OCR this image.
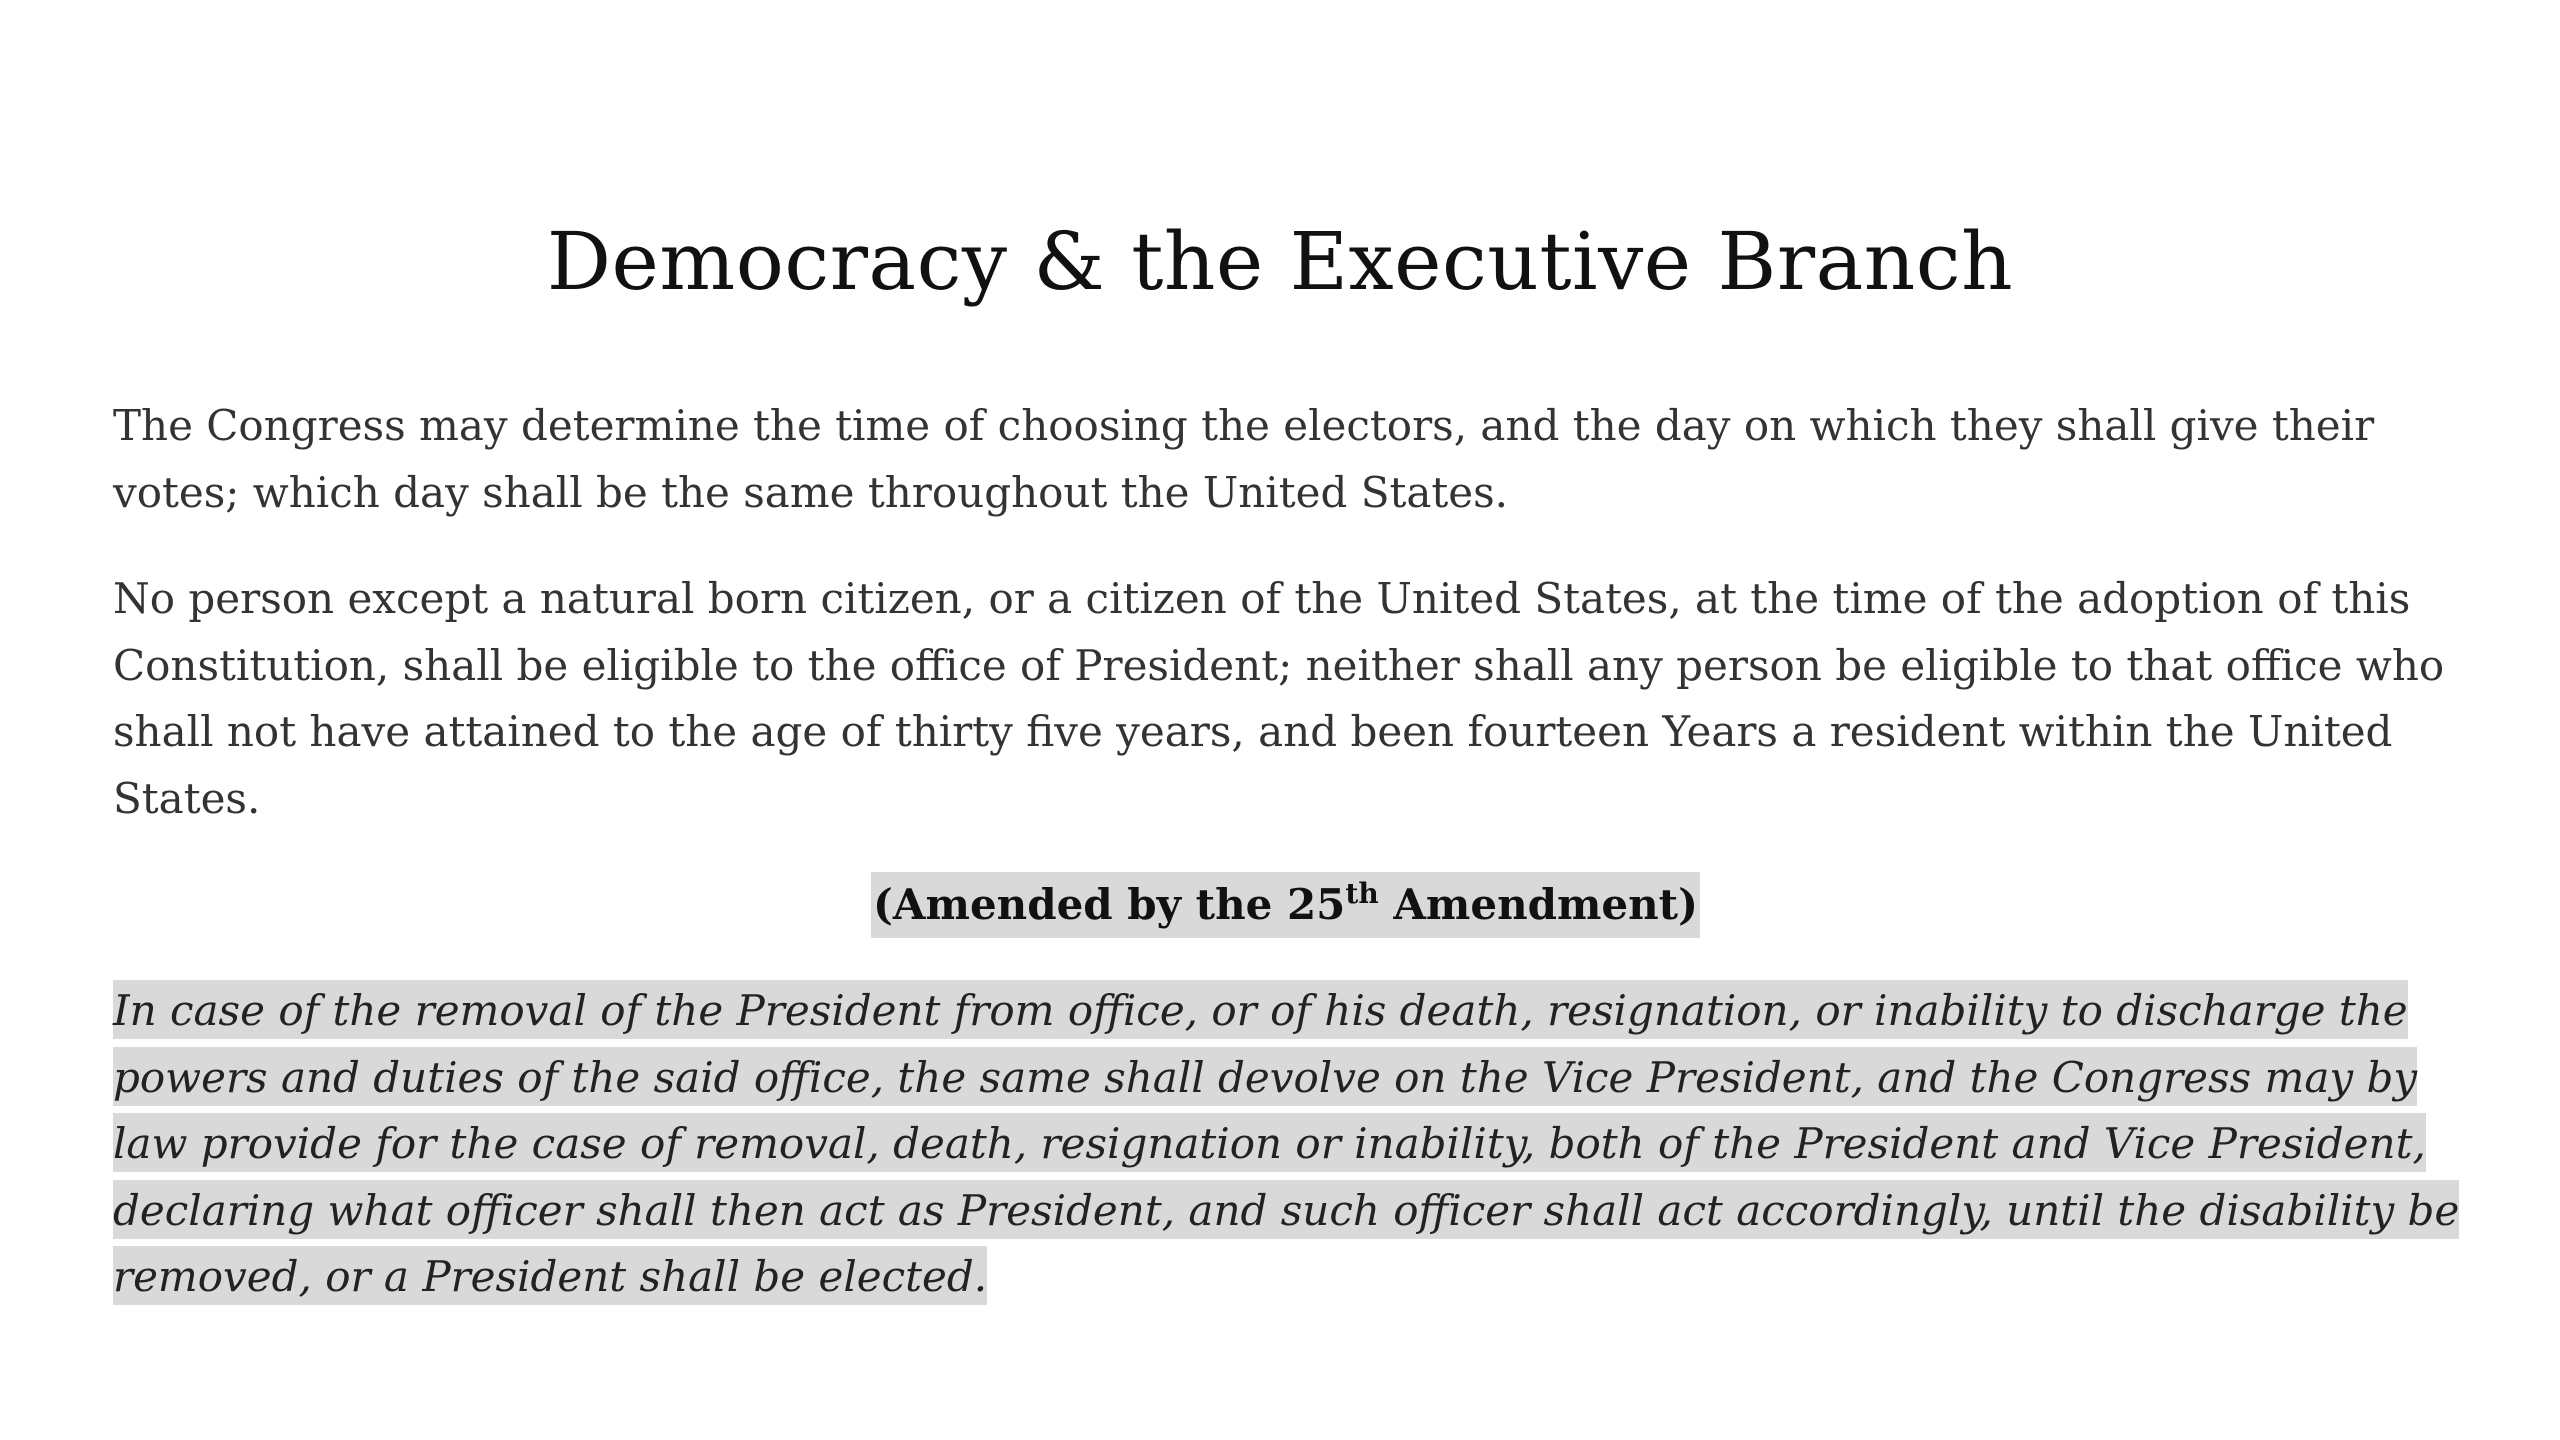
Democracy & the Executive Branch

The Congress may determine the time of choosing the electors, and the day on which they shall give their votes; which day shall be the same throughout the United States.

No person except a natural born citizen, or a citizen of the United States, at the time of the adoption of this Constitution, shall be eligible to the office of President; neither shall any person be eligible to that office who shall not have attained to the age of thirty five years, and been fourteen Years a resident within the United States.

(Amended by the 25th Amendment)

In case of the removal of the President from office, or of his death, resignation, or inability to discharge the powers and duties of the said office, the same shall devolve on the Vice President, and the Congress may by law provide for the case of removal, death, resignation or inability, both of the President and Vice President, declaring what officer shall then act as President, and such officer shall act accordingly, until the disability be removed, or a President shall be elected.
